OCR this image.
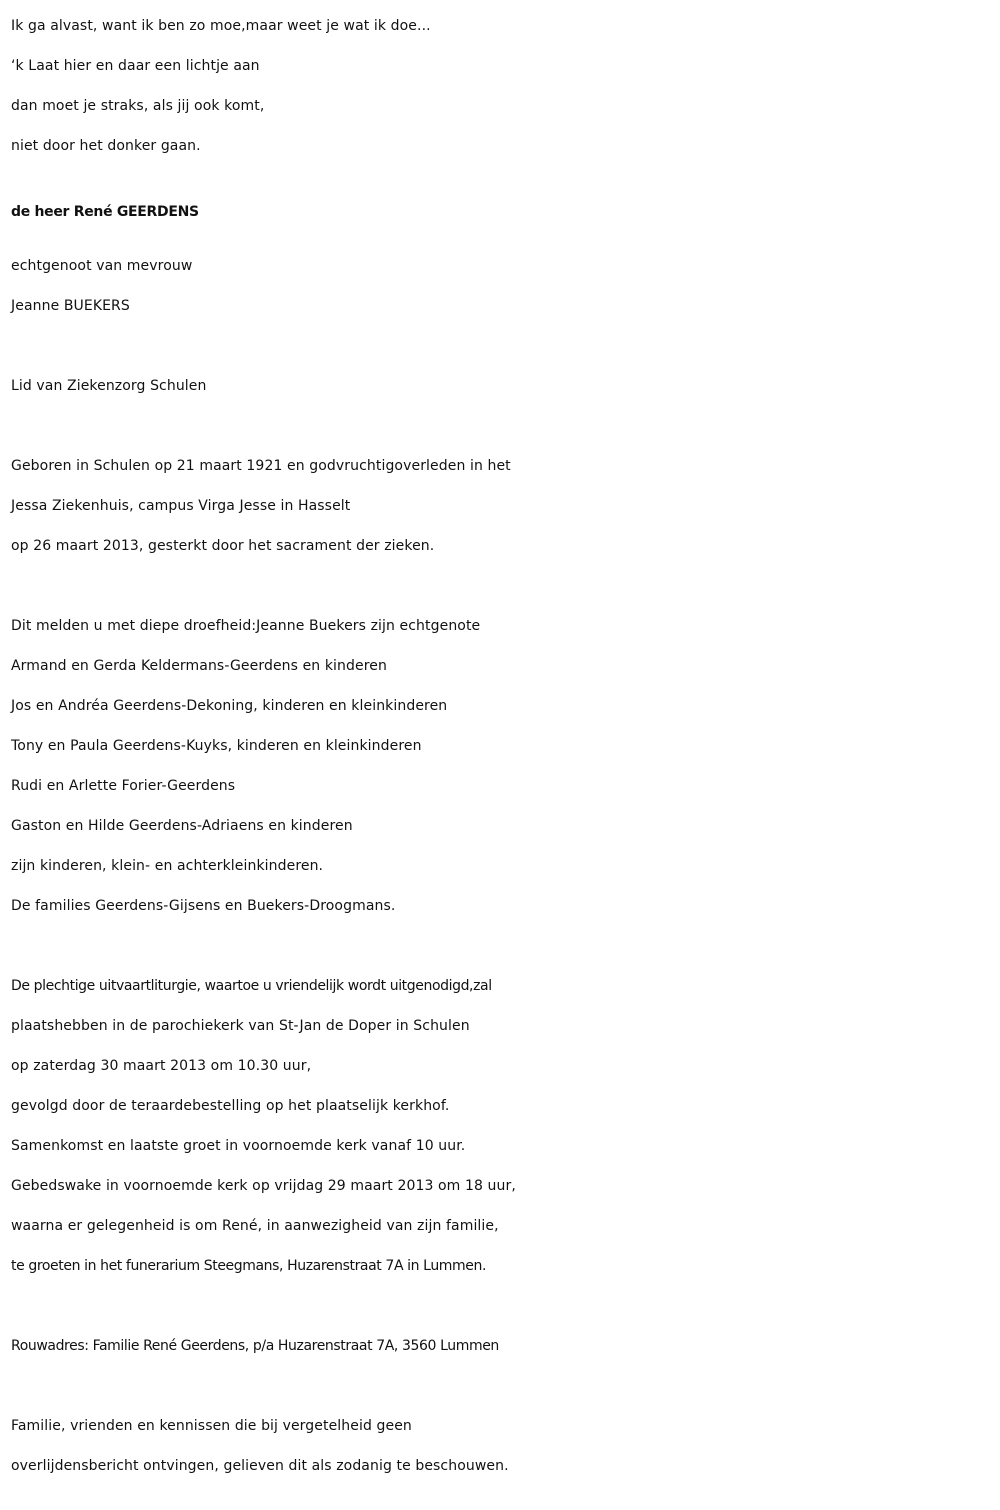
Ik ga alvast, want ik ben zo moe,maar weet je wat ik doe...
‘k Laat hier en daar een lichtje aan
dan moet je straks, als jij ook komt,
niet door het donker gaan.
de heer René GEERDENS
echtgenoot van mevrouw
Jeanne BUEKERS
Lid van Ziekenzorg Schulen
Geboren in Schulen op 21 maart 1921 en godvruchtigoverleden in het
Jessa Ziekenhuis, campus Virga Jesse in Hasselt
op 26 maart 2013, gesterkt door het sacrament der zieken.
Dit melden u met diepe droefheid:Jeanne Buekers zijn echtgenote
Armand en Gerda Keldermans-Geerdens en kinderen
Jos en Andréa Geerdens-Dekoning, kinderen en kleinkinderen
Tony en Paula Geerdens-Kuyks, kinderen en kleinkinderen
Rudi en Arlette Forier-Geerdens
Gaston en Hilde Geerdens-Adriaens en kinderen
zijn kinderen, klein- en achterkleinkinderen.
De families Geerdens-Gijsens en Buekers-Droogmans.
De plechtige uitvaartliturgie, waartoe u vriendelijk wordt uitgenodigd,zal
plaatshebben in de parochiekerk van St-Jan de Doper in Schulen
op zaterdag 30 maart 2013 om 10.30 uur,
gevolgd door de teraardebestelling op het plaatselijk kerkhof.
Samenkomst en laatste groet in voornoemde kerk vanaf 10 uur.
Gebedswake in voornoemde kerk op vrijdag 29 maart 2013 om 18 uur,
waarna er gelegenheid is om René, in aanwezigheid van zijn familie,
te groeten in het funerarium Steegmans, Huzarenstraat 7A in Lummen.
Rouwadres: Familie René Geerdens, p/a Huzarenstraat 7A, 3560 Lummen
Familie, vrienden en kennissen die bij vergetelheid geen
overlijdensbericht ontvingen, gelieven dit als zodanig te beschouwen.
